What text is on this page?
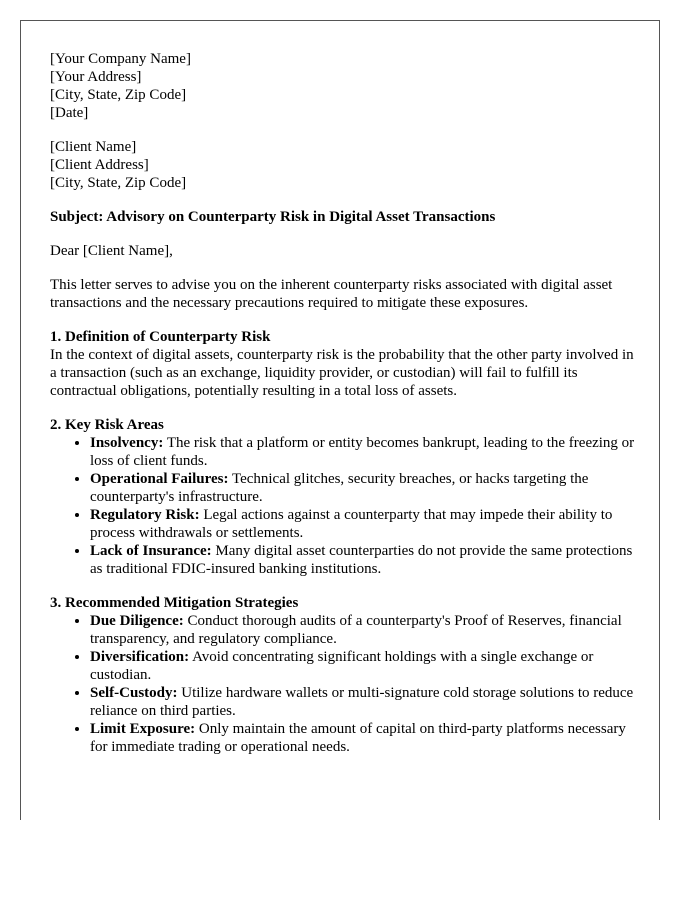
[Your Company Name]
[Your Address]
[City, State, Zip Code]
[Date]
[Client Name]
[Client Address]
[City, State, Zip Code]

Subject: Advisory on Counterparty Risk in Digital Asset Transactions

Dear [Client Name],

This letter serves to advise you on the inherent counterparty risks associated with digital asset transactions and the necessary precautions required to mitigate these exposures.

1. Definition of Counterparty Risk
In the context of digital assets, counterparty risk is the probability that the other party involved in a transaction (such as an exchange, liquidity provider, or custodian) will fail to fulfill its contractual obligations, potentially resulting in a total loss of assets.
2. Key Risk Areas
• Insolvency: The risk that a platform or entity becomes bankrupt, leading to the freezing or loss of client funds.
• Operational Failures: Technical glitches, security breaches, or hacks targeting the counterparty's infrastructure.
• Regulatory Risk: Legal actions against a counterparty that may impede their ability to process withdrawals or settlements.
• Lack of Insurance: Many digital asset counterparties do not provide the same protections as traditional FDIC-insured banking institutions.
3. Recommended Mitigation Strategies
• Due Diligence: Conduct thorough audits of a counterparty's Proof of Reserves, financial transparency, and regulatory compliance.
• Diversification: Avoid concentrating significant holdings with a single exchange or custodian.
• Self-Custody: Utilize hardware wallets or multi-signature cold storage solutions to reduce reliance on third parties.
• Limit Exposure: Only maintain the amount of capital on third-party platforms necessary for immediate trading or operational needs.
